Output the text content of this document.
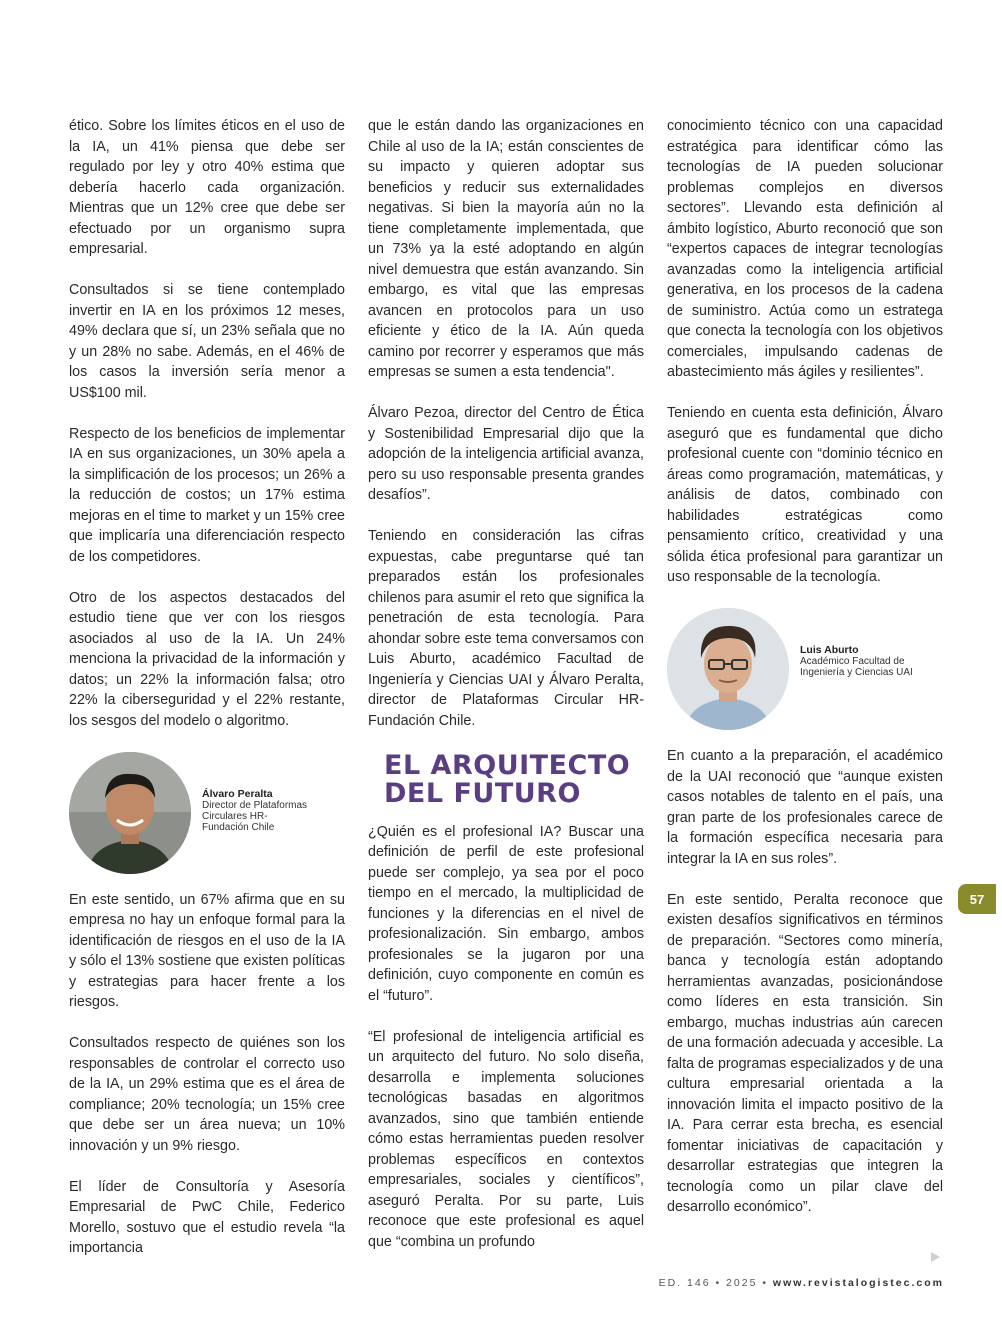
ético. Sobre los límites éticos en el uso de la IA, un 41% piensa que debe ser regulado por ley y otro 40% estima que debería hacerlo cada organización. Mientras que un 12% cree que debe ser efectuado por un organismo supra empresarial.

Consultados si se tiene contemplado invertir en IA en los próximos 12 meses, 49% declara que sí, un 23% señala que no y un 28% no sabe. Además, en el 46% de los casos la inversión sería menor a US$100 mil.

Respecto de los beneficios de implementar IA en sus organizaciones, un 30% apela a la simplificación de los procesos; un 26% a la reducción de costos; un 17% estima mejoras en el time to market y un 15% cree que implicaría una diferenciación respecto de los competidores.

Otro de los aspectos destacados del estudio tiene que ver con los riesgos asociados al uso de la IA. Un 24% menciona la privacidad de la información y datos; un 22% la información falsa; otro 22% la ciberseguridad y el 22% restante, los sesgos del modelo o algoritmo.

Álvaro Peralta
Director de Plataformas
Circulares HR-
Fundación Chile

En este sentido, un 67% afirma que en su empresa no hay un enfoque formal para la identificación de riesgos en el uso de la IA y sólo el 13% sostiene que existen políticas y estrategias para hacer frente a los riesgos.

Consultados respecto de quiénes son los responsables de controlar el correcto uso de la IA, un 29% estima que es el área de compliance; 20% tecnología; un 15% cree que debe ser un área nueva; un 10% innovación y un 9% riesgo.

El líder de Consultoría y Asesoría Empresarial de PwC Chile, Federico Morello, sostuvo que el estudio revela “la importancia

que le están dando las organizaciones en Chile al uso de la IA; están conscientes de su impacto y quieren adoptar sus beneficios y reducir sus externalidades negativas. Si bien la mayoría aún no la tiene completamente implementada, que un 73% ya la esté adoptando en algún nivel demuestra que están avanzando. Sin embargo, es vital que las empresas avancen en protocolos para un uso eficiente y ético de la IA. Aún queda camino por recorrer y esperamos que más empresas se sumen a esta tendencia".

Álvaro Pezoa, director del Centro de Ética y Sostenibilidad Empresarial dijo que la adopción de la inteligencia artificial avanza, pero su uso responsable presenta grandes desafíos”.

Teniendo en consideración las cifras expuestas, cabe preguntarse qué tan preparados están los profesionales chilenos para asumir el reto que significa la penetración de esta tecnología. Para ahondar sobre este tema conversamos con Luis Aburto, académico Facultad de Ingeniería y Ciencias UAI y Álvaro Peralta, director de Plataformas Circular HR-Fundación Chile.

EL ARQUITECTO
DEL FUTURO

¿Quién es el profesional IA? Buscar una definición de perfil de este profesional puede ser complejo, ya sea por el poco tiempo en el mercado, la multiplicidad de funciones y la diferencias en el nivel de profesionalización. Sin embargo, ambos profesionales se la jugaron por una definición, cuyo componente en común es el “futuro”.

“El profesional de inteligencia artificial es un arquitecto del futuro. No solo diseña, desarrolla e implementa soluciones tecnológicas basadas en algoritmos avanzados, sino que también entiende cómo estas herramientas pueden resolver problemas específicos en contextos empresariales, sociales y científicos”, aseguró Peralta. Por su parte, Luis reconoce que este profesional es aquel que “combina un profundo

conocimiento técnico con una capacidad estratégica para identificar cómo las tecnologías de IA pueden solucionar problemas complejos en diversos sectores”. Llevando esta definición al ámbito logístico, Aburto reconoció que son “expertos capaces de integrar tecnologías avanzadas como la inteligencia artificial generativa, en los procesos de la cadena de suministro. Actúa como un estratega que conecta la tecnología con los objetivos comerciales, impulsando cadenas de abastecimiento más ágiles y resilientes”.

Teniendo en cuenta esta definición, Álvaro aseguró que es fundamental que dicho profesional cuente con “dominio técnico en áreas como programación, matemáticas, y análisis de datos, combinado con habilidades estratégicas como pensamiento crítico, creatividad y una sólida ética profesional para garantizar un uso responsable de la tecnología.

Luis Aburto
Académico Facultad de
Ingeniería y Ciencias UAI

En cuanto a la preparación, el académico de la UAI reconoció que “aunque existen casos notables de talento en el país, una gran parte de los profesionales carece de la formación específica necesaria para integrar la IA en sus roles”.

En este sentido, Peralta reconoce que existen desafíos significativos en términos de preparación. “Sectores como minería, banca y tecnología están adoptando herramientas avanzadas, posicionándose como líderes en esta transición. Sin embargo, muchas industrias aún carecen de una formación adecuada y accesible. La falta de programas especializados y de una cultura empresarial orientada a la innovación limita el impacto positivo de la IA. Para cerrar esta brecha, es esencial fomentar iniciativas de capacitación y desarrollar estrategias que integren la tecnología como un pilar clave del desarrollo económico”.

57
ED. 146 • 2025 • www.revistalogistec.com
